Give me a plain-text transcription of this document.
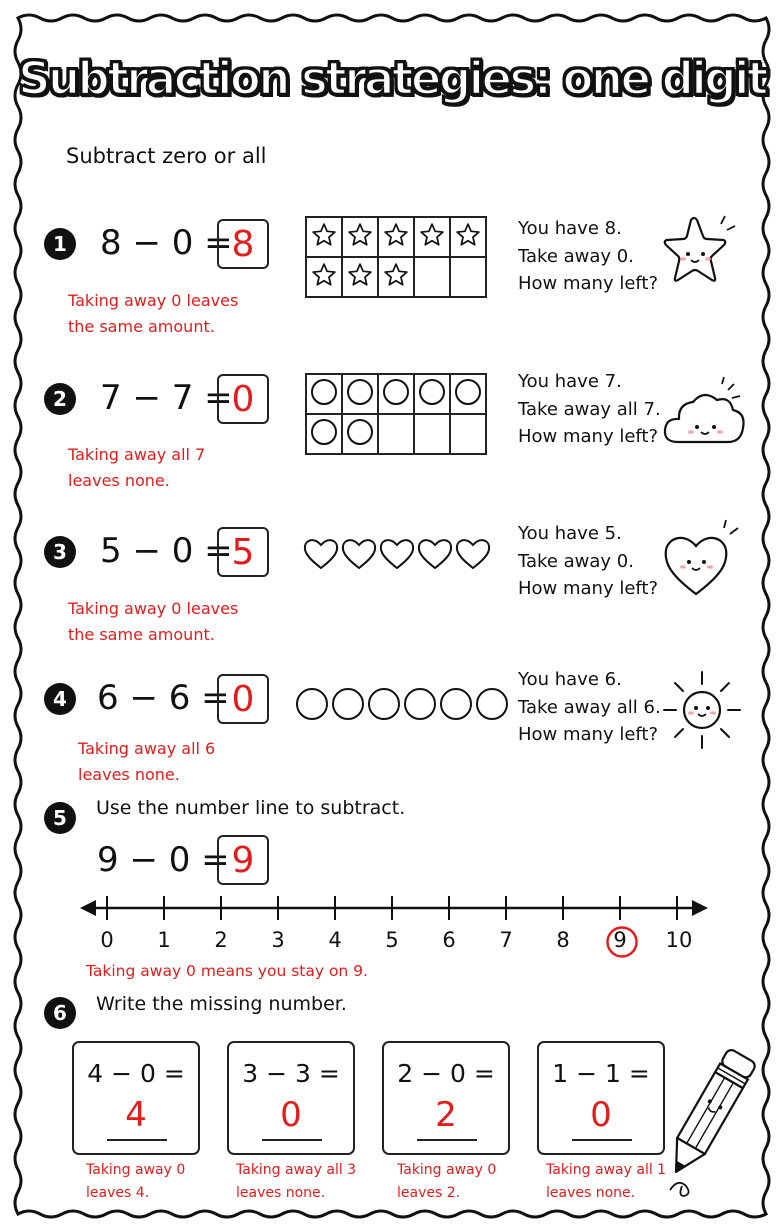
Subtraction strategies: one digit
Subtract zero or all
1 8 − 0 =
8
Taking away 0 leaves
the same amount.

You have 8.
Take away 0.
How many left?
2 7 − 7 =
0
Taking away all 7
leaves none.

You have 7.
Take away all 7.
How many left?
3 5 − 0 =
5
Taking away 0 leaves
the same amount.
You have 5.
Take away 0.
How many left?
4 6 − 6 = 0
Taking away all 6
leaves none.
You have 6.
Take away all 6.
How many left?
5	Use the number line to subtract.
9 − 0 = 9
0	1	2	3	4	5	6	7	8	9	10
Taking away 0 means you stay on 9.
6	Write the missing number.
4 − 0 =
4
Taking away 0
leaves 4.
3 − 3 =
0
Taking away all 3
leaves none.
2 − 0 =
2
Taking away 0
leaves 2.
1 − 1 =
0
Taking away all 1
leaves none.
